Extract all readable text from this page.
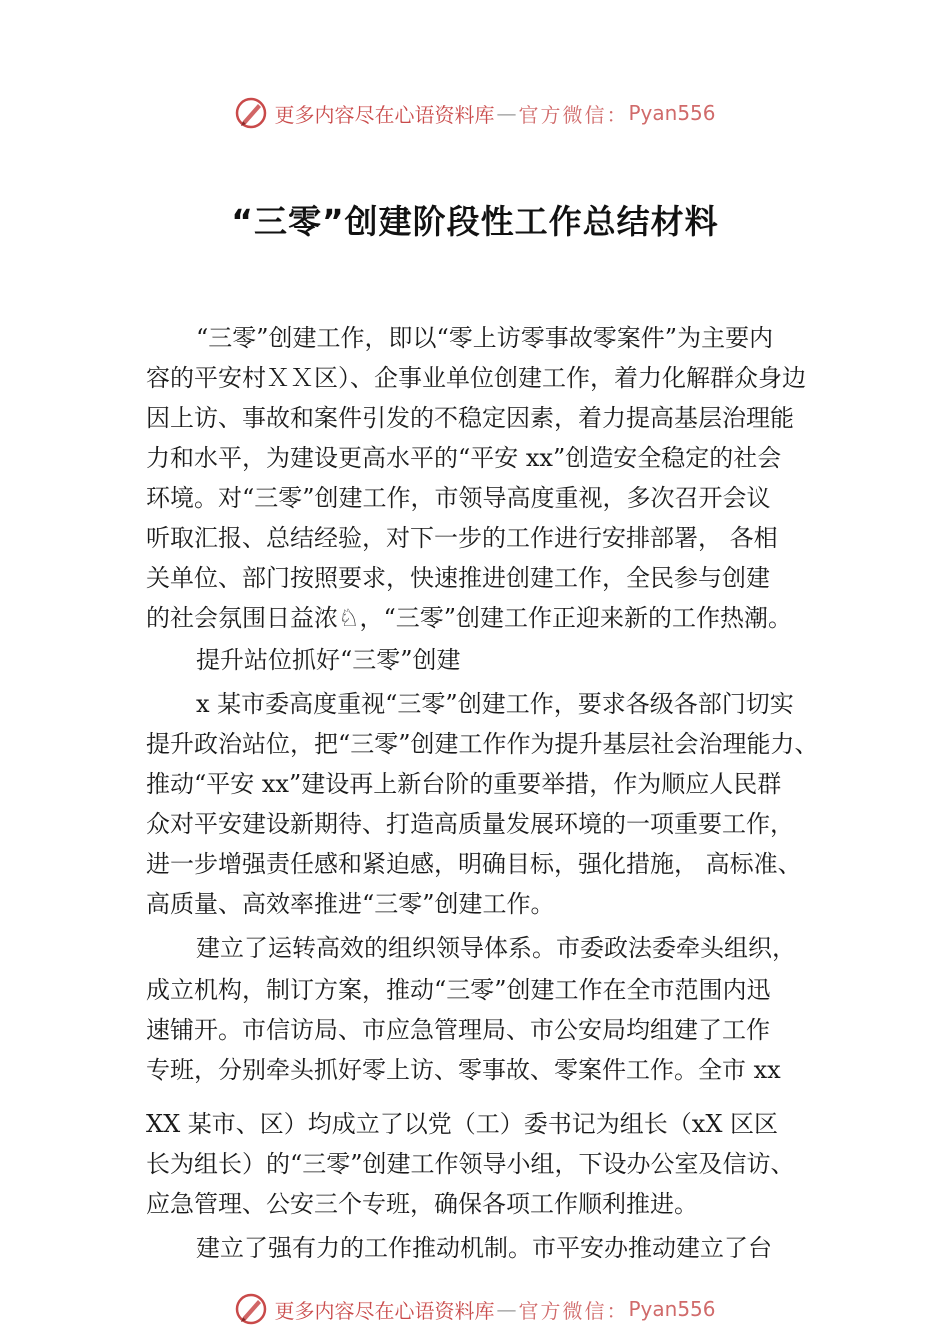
更多内容尽在心语资料库 — 官方微信： Pyan556
“三零”创建阶段性工作总结材料
“三零”创建工作，即以“零上访零事故零案件”为主要内
容的平安村ＸＸ区）、企事业单位创建工作，着力化解群众身边
因上访、事故和案件引发的不稳定因素，着力提高基层治理能
力和水平，为建设更高水平的“平安 xx”创造安全稳定的社会
环境。对“三零”创建工作，市领导高度重视，多次召开会议
听取汇报、总结经验，对下一步的工作进行安排部署， 各相
关单位、部门按照要求，快速推进创建工作，全民参与创建
的社会氛围日益浓♘，“三零”创建工作正迎来新的工作热潮。
提升站位抓好“三零”创建
x 某市委高度重视“三零”创建工作，要求各级各部门切实
提升政治站位，把“三零”创建工作作为提升基层社会治理能力、
推动“平安 xx”建设再上新台阶的重要举措，作为顺应人民群
众对平安建设新期待、打造高质量发展环境的一项重要工作，
进一步增强责任感和紧迫感，明确目标，强化措施， 高标准、
高质量、高效率推进“三零”创建工作。
建立了运转高效的组织领导体系。市委政法委牵头组织，
成立机构，制订方案，推动“三零”创建工作在全市范围内迅
速铺开。市信访局、市应急管理局、市公安局均组建了工作
专班，分别牵头抓好零上访、零事故、零案件工作。全市 xx
XX 某市、区）均成立了以党（工）委书记为组长（xX 区区
长为组长）的“三零”创建工作领导小组，下设办公室及信访、
应急管理、公安三个专班，确保各项工作顺利推进。
建立了强有力的工作推动机制。市平安办推动建立了台
更多内容尽在心语资料库 — 官方微信： Pyan556
